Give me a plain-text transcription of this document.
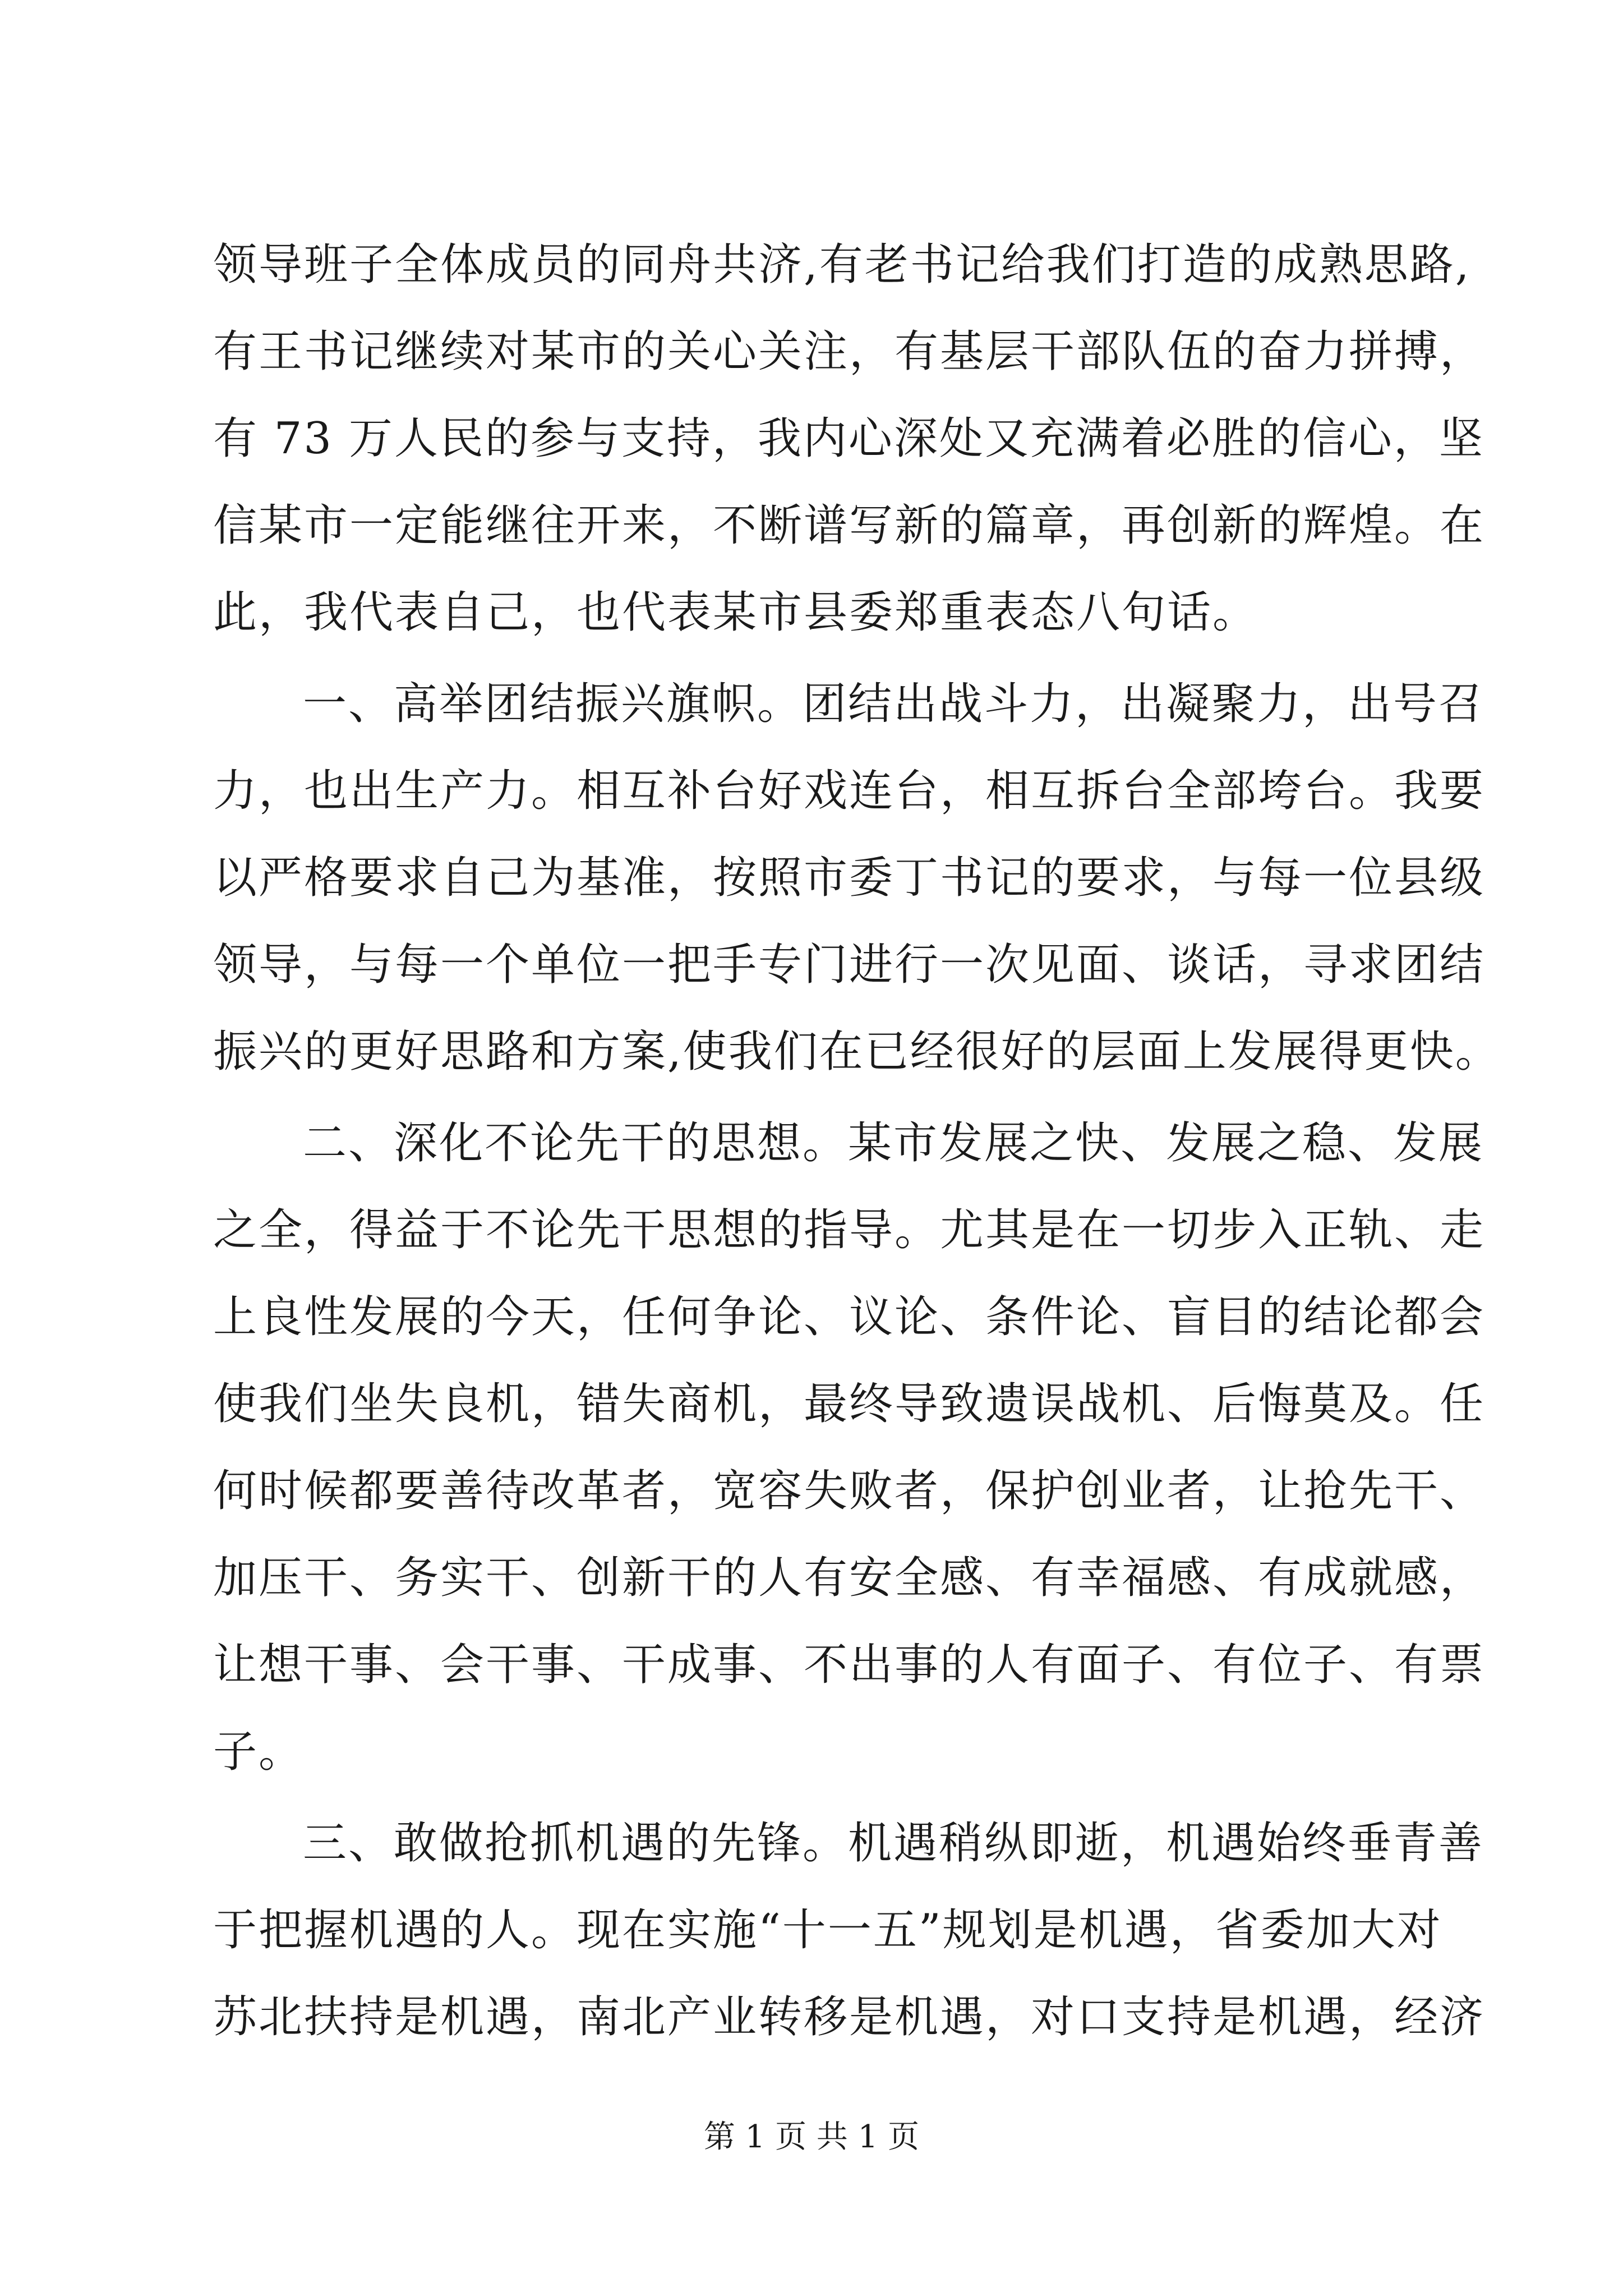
领导班子全体成员的同舟共济,有老书记给我们打造的成熟思路,
有王书记继续对某市的关心关注，有基层干部队伍的奋力拼搏，
有 73 万人民的参与支持，我内心深处又充满着必胜的信心，坚
信某市一定能继往开来，不断谱写新的篇章，再创新的辉煌。在
此，我代表自己，也代表某市县委郑重表态八句话。
一、高举团结振兴旗帜。团结出战斗力，出凝聚力，出号召
力，也出生产力。相互补台好戏连台，相互拆台全部垮台。我要
以严格要求自己为基准，按照市委丁书记的要求，与每一位县级
领导，与每一个单位一把手专门进行一次见面、谈话，寻求团结
振兴的更好思路和方案,使我们在已经很好的层面上发展得更快。
二、深化不论先干的思想。某市发展之快、发展之稳、发展
之全，得益于不论先干思想的指导。尤其是在一切步入正轨、走
上良性发展的今天，任何争论、议论、条件论、盲目的结论都会
使我们坐失良机，错失商机，最终导致遗误战机、后悔莫及。任
何时候都要善待改革者，宽容失败者，保护创业者，让抢先干、
加压干、务实干、创新干的人有安全感、有幸福感、有成就感，
让想干事、会干事、干成事、不出事的人有面子、有位子、有票
子。
三、敢做抢抓机遇的先锋。机遇稍纵即逝，机遇始终垂青善
于把握机遇的人。现在实施“十一五”规划是机遇，省委加大对
苏北扶持是机遇，南北产业转移是机遇，对口支持是机遇，经济
第 1 页 共 1 页
